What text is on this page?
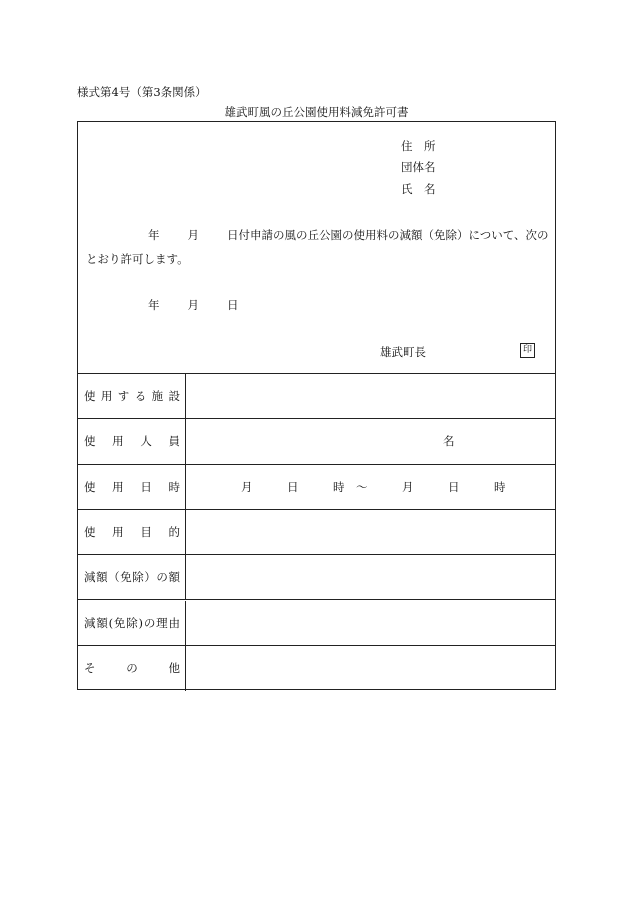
様式第4号（第3条関係）
雄武町風の丘公園使用料減免許可書
住　所
団体名
氏　名
年 月 日付申請の風の丘公園の使用料の減額（免除）について、次の
とおり許可します。
年 月 日
雄武町長	印
使用する施設
使用人員	名
使用日時	月　　　日　　　時　～　　　月　　　日　　　時
使用目的
減額（免除）の額
減額(免除)の理由
その他
